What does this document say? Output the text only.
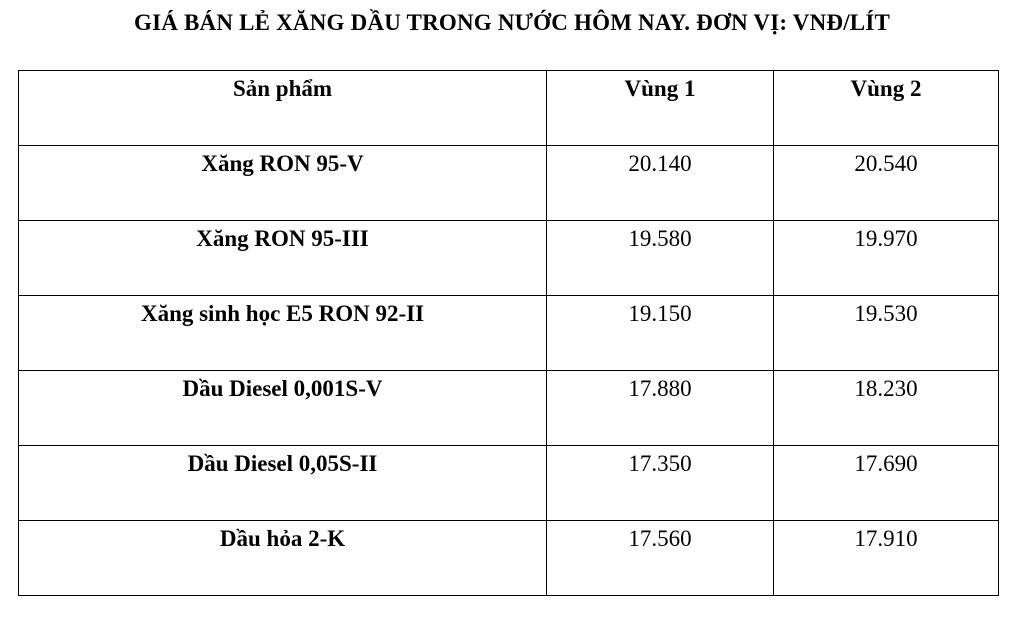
GIÁ BÁN LẺ XĂNG DẦU TRONG NƯỚC HÔM NAY. ĐƠN VỊ: VNĐ/LÍT
Sản phẩm	Vùng 1	Vùng 2
Xăng RON 95-V	20.140	20.540
Xăng RON 95-III	19.580	19.970
Xăng sinh học E5 RON 92-II	19.150	19.530
Dầu Diesel 0,001S-V	17.880	18.230
Dầu Diesel 0,05S-II	17.350	17.690
Dầu hỏa 2-K	17.560	17.910
